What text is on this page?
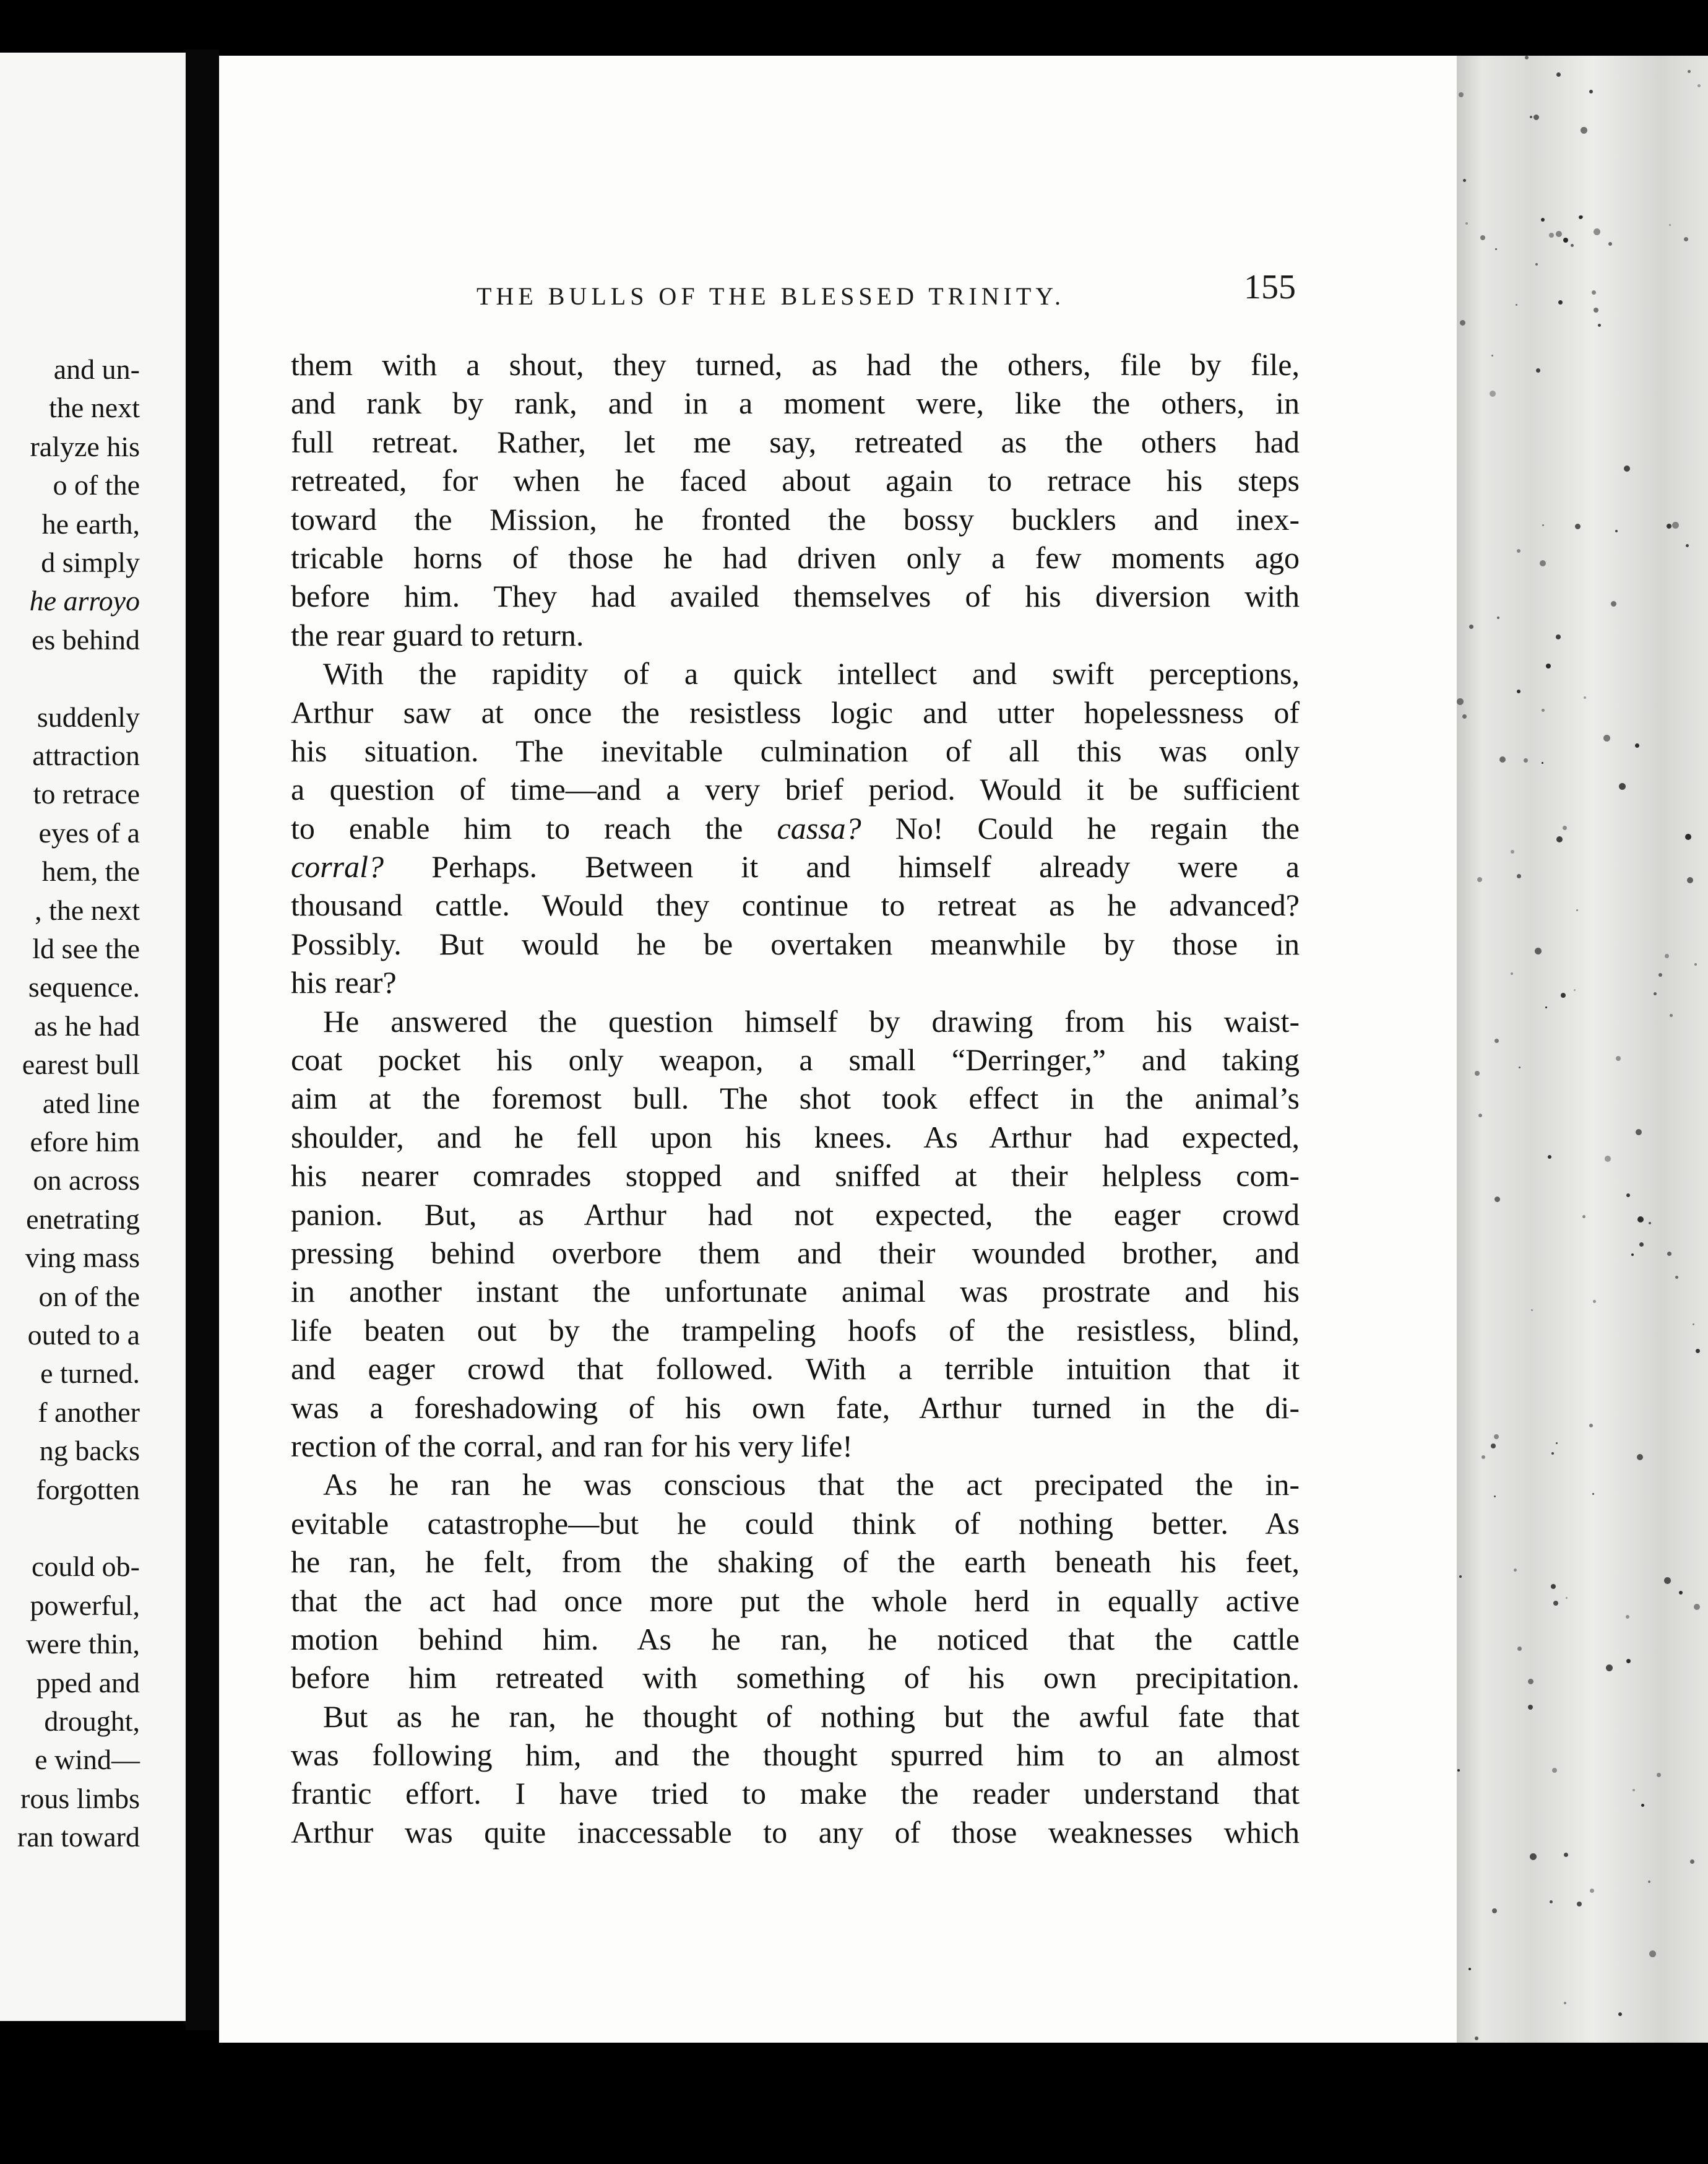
and un-
the next
ralyze his
o of the
he earth,
d simply
he arroyo
es behind
suddenly
attraction
to retrace
eyes of a
hem, the
, the next
ld see the
sequence.
as he had
earest bull
ated line
efore him
on across
enetrating
ving mass
on of the
outed to a
e turned.
f another
ng backs
forgotten
could ob-
powerful,
were thin,
pped and
drought,
e wind—
rous limbs
ran toward
THE BULLS OF THE BLESSED TRINITY.	155
them with a shout, they turned, as had the others, file by file,
and rank by rank, and in a moment were, like the others, in
full retreat. Rather, let me say, retreated as the others had
retreated, for when he faced about again to retrace his steps
toward the Mission, he fronted the bossy bucklers and inex-
tricable horns of those he had driven only a few moments ago
before him. They had availed themselves of his diversion with
the rear guard to return.
With the rapidity of a quick intellect and swift perceptions,
Arthur saw at once the resistless logic and utter hopelessness of
his situation. The inevitable culmination of all this was only
a question of time—and a very brief period. Would it be sufficient
to enable him to reach the cassa? No! Could he regain the
corral? Perhaps. Between it and himself already were a
thousand cattle. Would they continue to retreat as he advanced?
Possibly. But would he be overtaken meanwhile by those in
his rear?
He answered the question himself by drawing from his waist-
coat pocket his only weapon, a small “Derringer,” and taking
aim at the foremost bull. The shot took effect in the animal’s
shoulder, and he fell upon his knees. As Arthur had expected,
his nearer comrades stopped and sniffed at their helpless com-
panion. But, as Arthur had not expected, the eager crowd
pressing behind overbore them and their wounded brother, and
in another instant the unfortunate animal was prostrate and his
life beaten out by the trampeling hoofs of the resistless, blind,
and eager crowd that followed. With a terrible intuition that it
was a foreshadowing of his own fate, Arthur turned in the di-
rection of the corral, and ran for his very life!
As he ran he was conscious that the act precipated the in-
evitable catastrophe—but he could think of nothing better. As
he ran, he felt, from the shaking of the earth beneath his feet,
that the act had once more put the whole herd in equally active
motion behind him. As he ran, he noticed that the cattle
before him retreated with something of his own precipitation.
But as he ran, he thought of nothing but the awful fate that
was following him, and the thought spurred him to an almost
frantic effort. I have tried to make the reader understand that
Arthur was quite inaccessable to any of those weaknesses which
